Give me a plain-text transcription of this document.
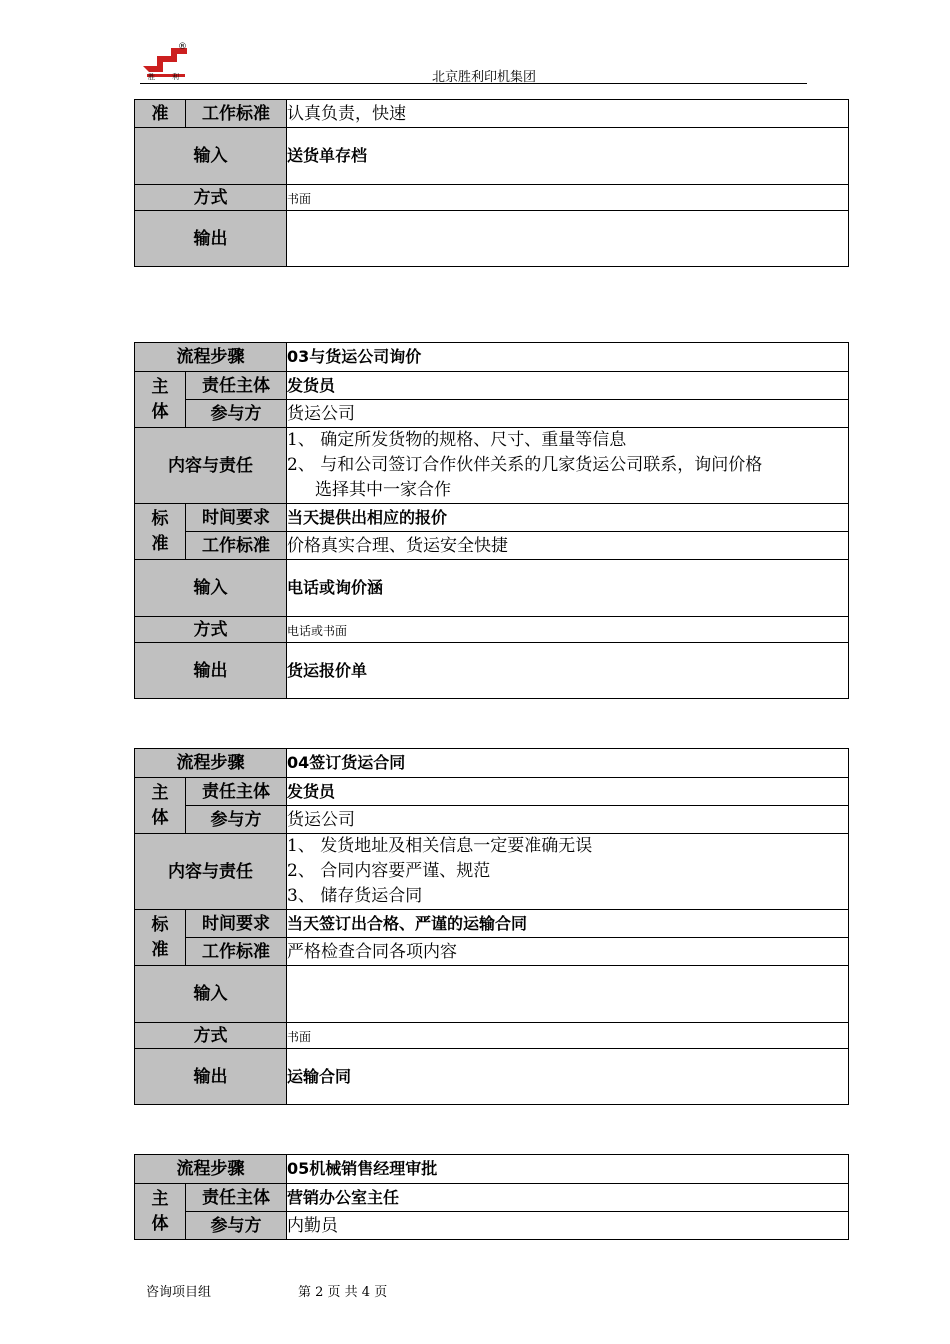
胜 利
®
北京胜利印机集团
准	工作标准	认真负责，快速
输入		送货单存档
方式		书面
输出		
流程步骤		03与货运公司询价

主
体	责任主体	发货员
	参与方	货运公司
内容与责任		1、 确定所发货物的规格、尺寸、重量等信息
2、 与和公司签订合作伙伴关系的几家货运公司联系，询问价格
选择其中一家合作

标
准	时间要求	当天提供出相应的报价
	工作标准	价格真实合理、货运安全快捷
输入		电话或询价涵
方式		电话或书面
输出		货运报价单
流程步骤		04签订货运合同

主
体	责任主体	发货员
	参与方	货运公司
内容与责任		1、 发货地址及相关信息一定要准确无误
2、 合同内容要严谨、规范
3、 储存货运合同

标
准	时间要求	当天签订出合格、严谨的运输合同
	工作标准	严格检查合同各项内容
输入		
方式		书面
输出		运输合同
流程步骤		05机械销售经理审批

主
体	责任主体	营销办公室主任
	参与方	内勤员
咨询项目组	第 2 页 共 4 页
